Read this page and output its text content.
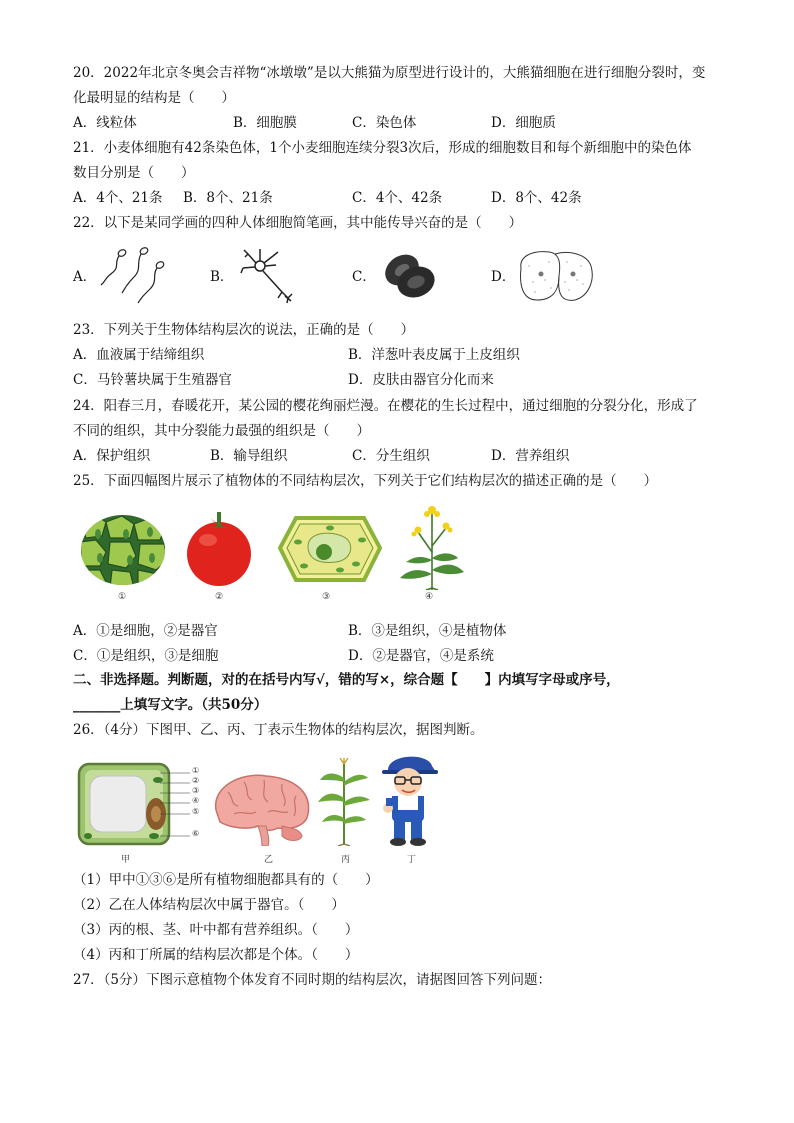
20．2022年北京冬奥会吉祥物“冰墩墩”是以大熊猫为原型进行设计的，大熊猫细胞在进行细胞分裂时，变
化最明显的结构是（　　）
A．线粒体	B．细胞膜	C．染色体	D．细胞质
21．小麦体细胞有42条染色体，1个小麦细胞连续分裂3次后，形成的细胞数目和每个新细胞中的染色体
数目分别是（　　）
A．4个、21条 B．8个、21条	C．4个、42条	D．8个、42条
22．以下是某同学画的四种人体细胞简笔画，其中能传导兴奋的是（　　）
A．	B．	C．	D．
23．下列关于生物体结构层次的说法，正确的是（　　）
A．血液属于结缔组织	B．洋葱叶表皮属于上皮组织
C．马铃薯块属于生殖器官	D．皮肤由器官分化而来
24．阳春三月，春暖花开，某公园的樱花绚丽烂漫。在樱花的生长过程中，通过细胞的分裂分化，形成了
不同的组织，其中分裂能力最强的组织是（　　）
A．保护组织	B．输导组织	C．分生组织	D．营养组织
25．下面四幅图片展示了植物体的不同结构层次，下列关于它们结构层次的描述正确的是（　　）
①	②	③	④
A．①是细胞，②是器官	B．③是组织，④是植物体
C．①是组织，③是细胞	D．②是器官，④是系统
二、非选择题。判断题，对的在括号内写√，错的写×，综合题【　　】内填写字母或序号，
_______上填写文字。（共50分）
26．（4分）下图甲、乙、丙、丁表示生物体的结构层次，据图判断。
①
②
③
④
⑤
⑥
甲	乙	丙	丁
（1）甲中①③⑥是所有植物细胞都具有的（　　）
（2）乙在人体结构层次中属于器官。（　　）
（3）丙的根、茎、叶中都有营养组织。（　　）
（4）丙和丁所属的结构层次都是个体。（　　）
27．（5分）下图示意植物个体发育不同时期的结构层次，请据图回答下列问题：
